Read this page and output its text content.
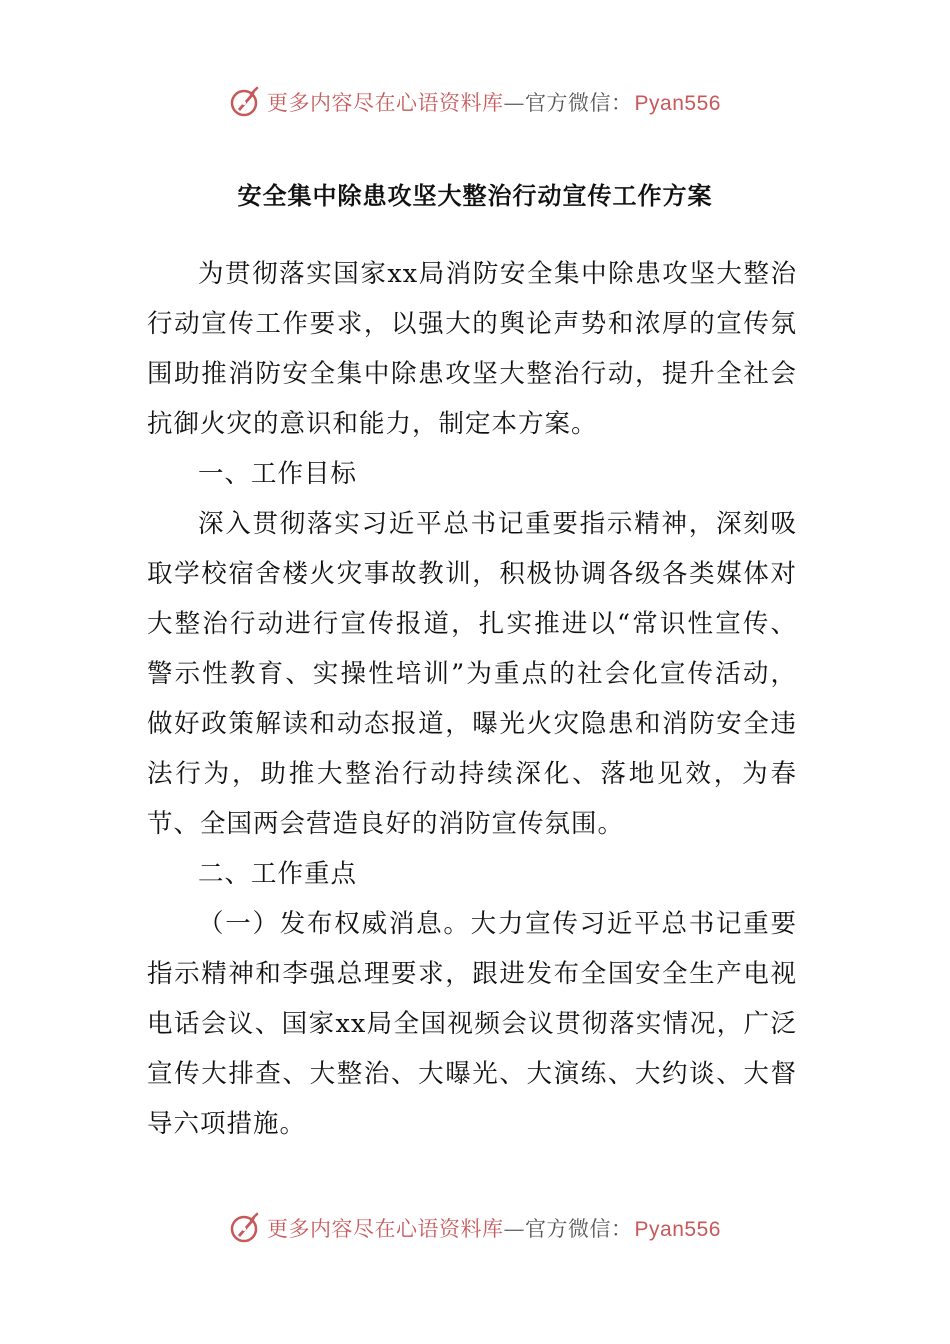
更多内容尽在心语资料库—官方微信：Pyan556
安全集中除患攻坚大整治行动宣传工作方案

为贯彻落实国家xx局消防安全集中除患攻坚大整治行动宣传工作要求，以强大的舆论声势和浓厚的宣传氛围助推消防安全集中除患攻坚大整治行动，提升全社会抗御火灾的意识和能力，制定本方案。

一、工作目标

深入贯彻落实习近平总书记重要指示精神，深刻吸取学校宿舍楼火灾事故教训，积极协调各级各类媒体对大整治行动进行宣传报道，扎实推进以“常识性宣传、警示性教育、实操性培训”为重点的社会化宣传活动，做好政策解读和动态报道，曝光火灾隐患和消防安全违法行为，助推大整治行动持续深化、落地见效，为春节、全国两会营造良好的消防宣传氛围。

二、工作重点

（一）发布权威消息。大力宣传习近平总书记重要指示精神和李强总理要求，跟进发布全国安全生产电视电话会议、国家xx局全国视频会议贯彻落实情况，广泛宣传大排查、大整治、大曝光、大演练、大约谈、大督导六项措施。

更多内容尽在心语资料库—官方微信：Pyan556
